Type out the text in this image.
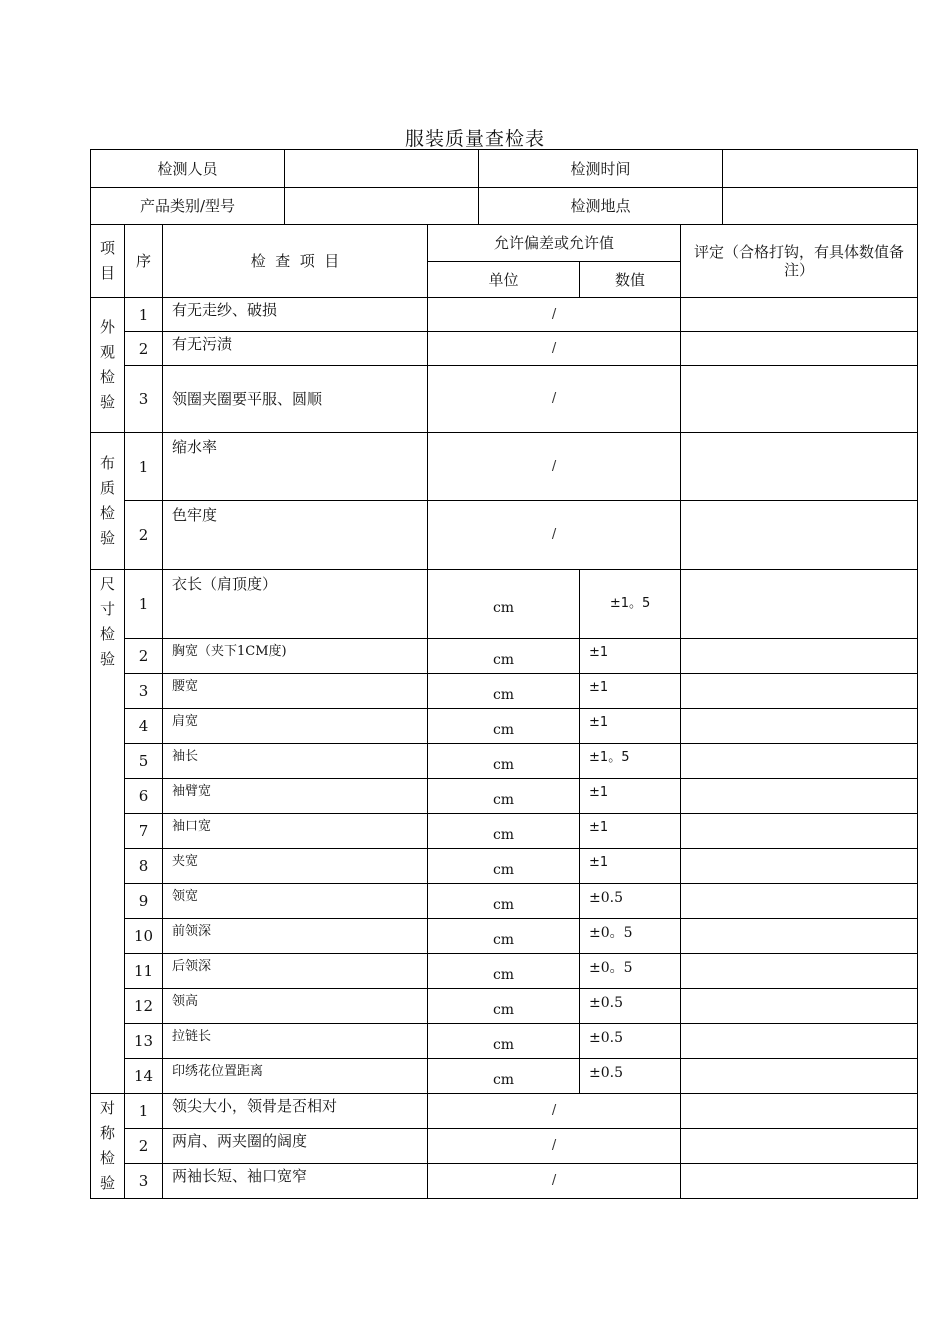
服装质量查检表
检测人员					检测时间			
产品类别/型号					检测地点			
项目	序	检  查  项  目		允许偏差或允许值			评定（合格打钩，有具体数值备注）	
				单位		数值		
外观检验	1	有无走纱、破损		/				
	2	有无污渍		/				
	3	领圈夹圈要平服、圆顺		/				
布质检验	1	缩水率		/				
	2	色牢度		/				
尺寸检验	1	衣长（肩顶度）		cm		±1。5		
	2	胸宽（夹下1CM度)		cm		±1		
	3	腰宽		cm		±1		
	4	肩宽		cm		±1		
	5	袖长		cm		±1。5		
	6	袖臂宽		cm		±1		
	7	袖口宽		cm		±1		
	8	夹宽		cm		±1		
	9	领宽		cm		±0.5		
	10	前领深		cm		±0。5		
	11	后领深		cm		±0。5		
	12	领高		cm		±0.5		
	13	拉链长		cm		±0.5		
	14	印绣花位置距离		cm		±0.5		
对称检验	1	领尖大小，领骨是否相对		/				
	2	两肩、两夹圈的阔度		/				
	3	两袖长短、袖口宽窄		/				
